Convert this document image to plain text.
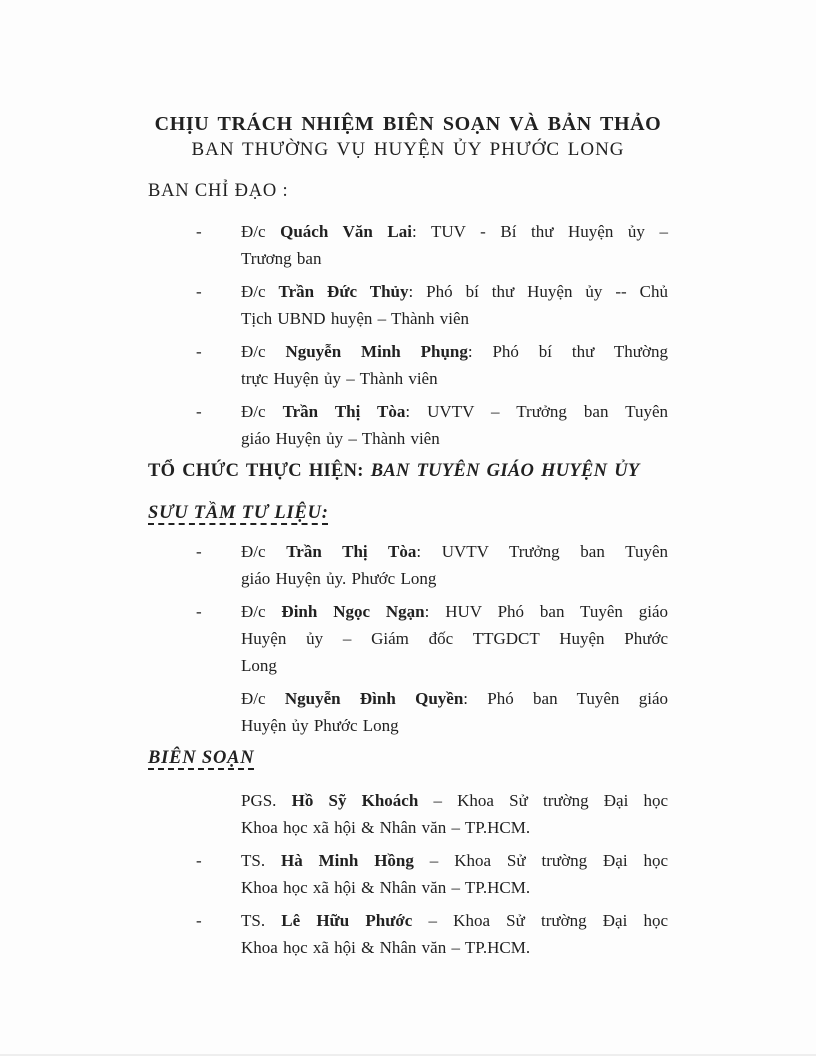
CHỊU TRÁCH NHIỆM BIÊN SOẠN VÀ BẢN THẢO
BAN THƯỜNG VỤ HUYỆN ỦY PHƯỚC LONG
BAN CHỈ ĐẠO :
- Đ/c Quách Văn Lai: TUV - Bí thư Huyện ủy –
Trương ban
- Đ/c Trần Đức Thủy: Phó bí thư Huyện ủy -- Chủ
Tịch UBND huyện – Thành viên
- Đ/c Nguyễn Minh Phụng: Phó bí thư Thường
trực Huyện ủy – Thành viên
- Đ/c Trần Thị Tòa: UVTV – Trưởng ban Tuyên
giáo Huyện ủy – Thành viên
TỔ CHỨC THỰC HIỆN: BAN TUYÊN GIÁO HUYỆN ỦY
SƯU TẦM TƯ LIỆU:
- Đ/c Trần Thị Tòa: UVTV Trưởng ban Tuyên
giáo Huyện ủy. Phước Long
- Đ/c Đinh Ngọc Ngạn: HUV Phó ban Tuyên giáo
Huyện ủy – Giám đốc TTGDCT Huyện Phước
Long
Đ/c Nguyễn Đình Quyền: Phó ban Tuyên giáo
Huyện ủy Phước Long
BIÊN SOẠN
PGS. Hồ Sỹ Khoách – Khoa Sử trường Đại học
Khoa học xã hội & Nhân văn – TP.HCM.
- TS. Hà Minh Hồng – Khoa Sử trường Đại học
Khoa học xã hội & Nhân văn – TP.HCM.
- TS. Lê Hữu Phước – Khoa Sử trường Đại học
Khoa học xã hội & Nhân văn – TP.HCM.
